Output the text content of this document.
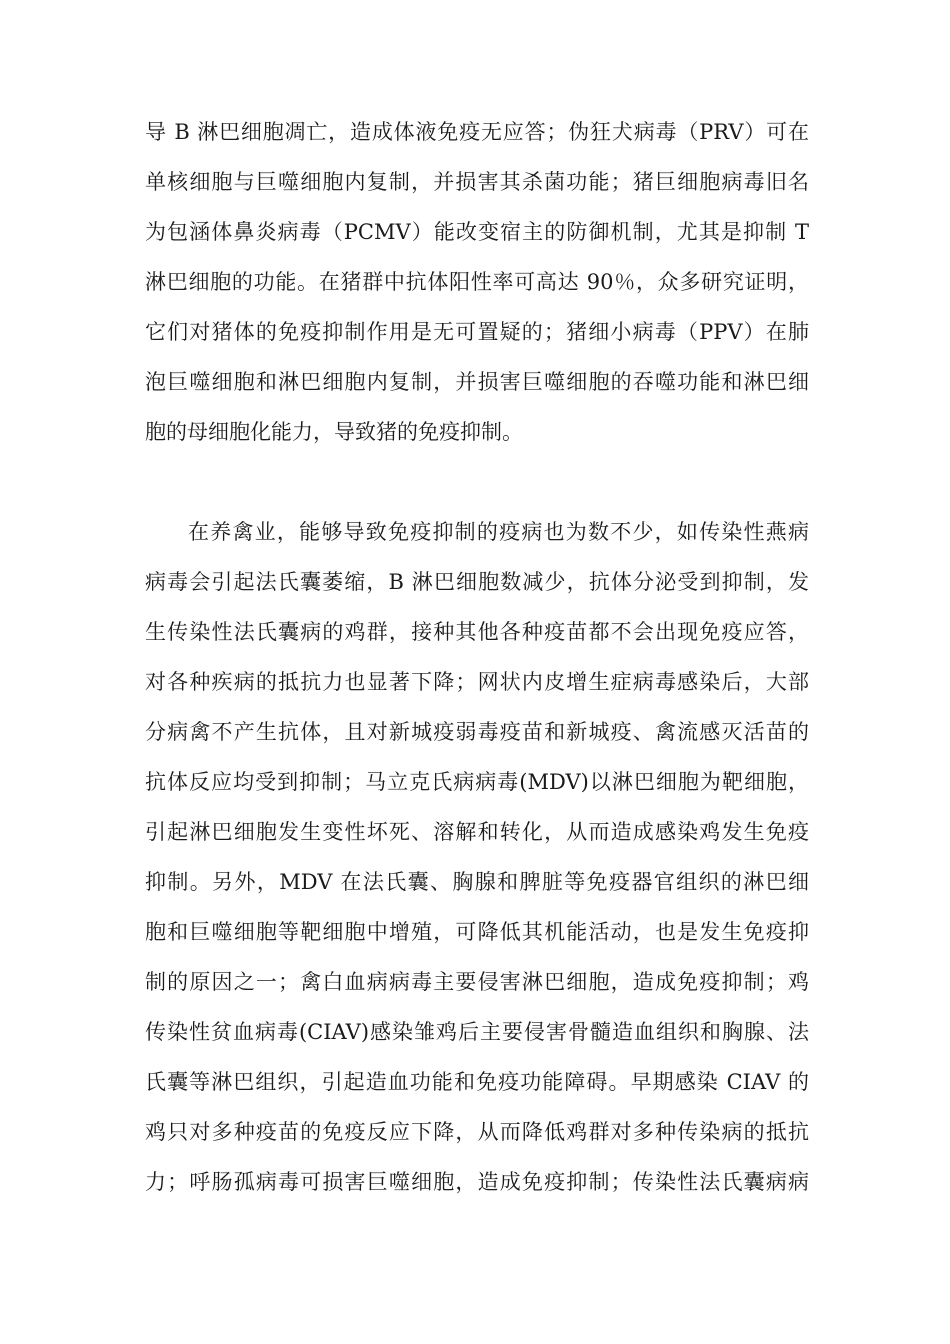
导 B 淋巴细胞凋亡，造成体液免疫无应答；伪狂犬病毒（PRV）可在
单核细胞与巨噬细胞内复制，并损害其杀菌功能；猪巨细胞病毒旧名
为包涵体鼻炎病毒（PCMV）能改变宿主的防御机制，尤其是抑制 T
淋巴细胞的功能。在猪群中抗体阳性率可高达 90％，众多研究证明，
它们对猪体的免疫抑制作用是无可置疑的；猪细小病毒（PPV）在肺
泡巨噬细胞和淋巴细胞内复制，并损害巨噬细胞的吞噬功能和淋巴细
胞的母细胞化能力，导致猪的免疫抑制。
在养禽业，能够导致免疫抑制的疫病也为数不少，如传染性燕病
病毒会引起法氏囊萎缩，B 淋巴细胞数减少，抗体分泌受到抑制，发
生传染性法氏囊病的鸡群，接种其他各种疫苗都不会出现免疫应答，
对各种疾病的抵抗力也显著下降；网状内皮增生症病毒感染后，大部
分病禽不产生抗体，且对新城疫弱毒疫苗和新城疫、禽流感灭活苗的
抗体反应均受到抑制；马立克氏病病毒(MDV)以淋巴细胞为靶细胞，
引起淋巴细胞发生变性坏死、溶解和转化，从而造成感染鸡发生免疫
抑制。另外，MDV 在法氏囊、胸腺和脾脏等免疫器官组织的淋巴细
胞和巨噬细胞等靶细胞中增殖，可降低其机能活动，也是发生免疫抑
制的原因之一；禽白血病病毒主要侵害淋巴细胞，造成免疫抑制；鸡
传染性贫血病毒(CIAV)感染雏鸡后主要侵害骨髓造血组织和胸腺、法
氏囊等淋巴组织，引起造血功能和免疫功能障碍。早期感染 CIAV 的
鸡只对多种疫苗的免疫反应下降，从而降低鸡群对多种传染病的抵抗
力；呼肠孤病毒可损害巨噬细胞，造成免疫抑制；传染性法氏囊病病
